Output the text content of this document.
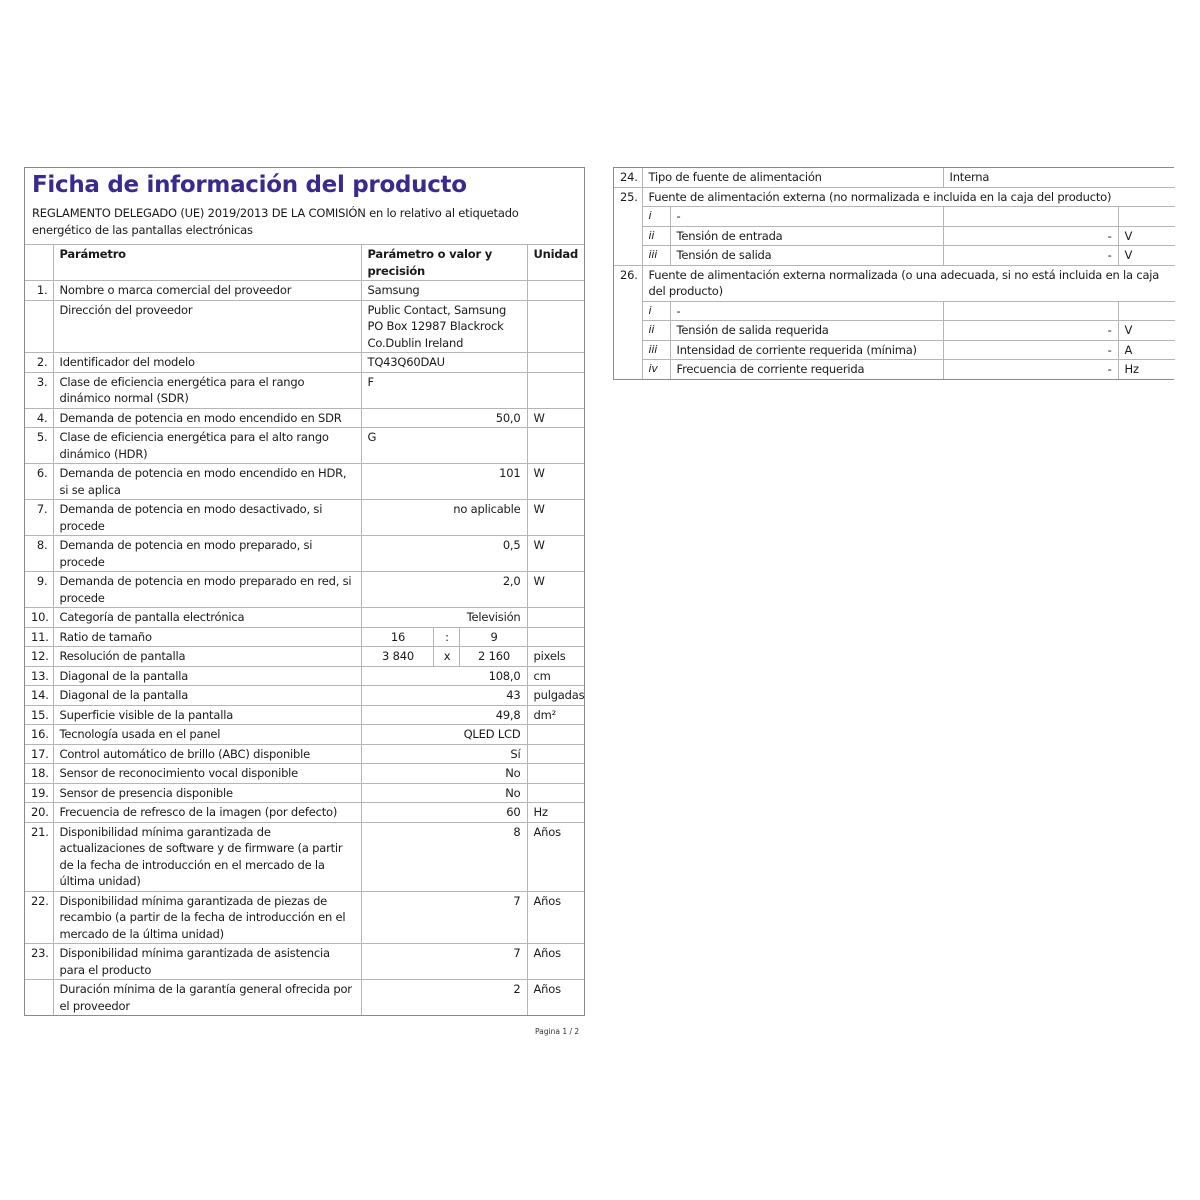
Ficha de información del producto
REGLAMENTO DELEGADO (UE) 2019/2013 DE LA COMISIÓN en lo relativo al etiquetado energético de las pantallas electrónicas
	Parámetro	Parámetro o valor y precisión			Unidad
1.	Nombre o marca comercial del proveedor	Samsung			
	Dirección del proveedor	Public Contact, Samsung PO Box 12987 Blackrock Co.Dublin Ireland			
2.	Identificador del modelo	TQ43Q60DAU			
3.	Clase de eficiencia energética para el rango dinámico normal (SDR)	F			
4.	Demanda de potencia en modo encendido en SDR	50,0			W
5.	Clase de eficiencia energética para el alto rango dinámico (HDR)	G			
6.	Demanda de potencia en modo encendido en HDR, si se aplica	101			W
7.	Demanda de potencia en modo desactivado, si procede	no aplicable			W
8.	Demanda de potencia en modo preparado, si procede	0,5			W
9.	Demanda de potencia en modo preparado en red, si procede	2,0			W
10.	Categoría de pantalla electrónica	Televisión			
11.	Ratio de tamaño	16	:	9	
12.	Resolución de pantalla	3 840	x	2 160	pixels
13.	Diagonal de la pantalla	108,0			cm
14.	Diagonal de la pantalla	43			pulgadas
15.	Superficie visible de la pantalla	49,8			dm²
16.	Tecnología usada en el panel	QLED LCD			
17.	Control automático de brillo (ABC) disponible	Sí			
18.	Sensor de reconocimiento vocal disponible	No			
19.	Sensor de presencia disponible	No			
20.	Frecuencia de refresco de la imagen (por defecto)	60			Hz
21.	Disponibilidad mínima garantizada de actualizaciones de software y de firmware (a partir de la fecha de introducción en el mercado de la última unidad)	8			Años
22.	Disponibilidad mínima garantizada de piezas de recambio (a partir de la fecha de introducción en el mercado de la última unidad)	7			Años
23.	Disponibilidad mínima garantizada de asistencia para el producto	7			Años
	Duración mínima de la garantía general ofrecida por el proveedor	2			Años
24.	Tipo de fuente de alimentación		Interna	
25.	Fuente de alimentación externa (no normalizada e incluida en la caja del producto)			
	i	-		
	ii	Tensión de entrada	-	V
	iii	Tensión de salida	-	V
26.	Fuente de alimentación externa normalizada (o una adecuada, si no está incluida en la caja del producto)			
	i	-		
	ii	Tensión de salida requerida	-	V
	iii	Intensidad de corriente requerida (mínima)	-	A
	iv	Frecuencia de corriente requerida	-	Hz
Pagina 1 / 2
